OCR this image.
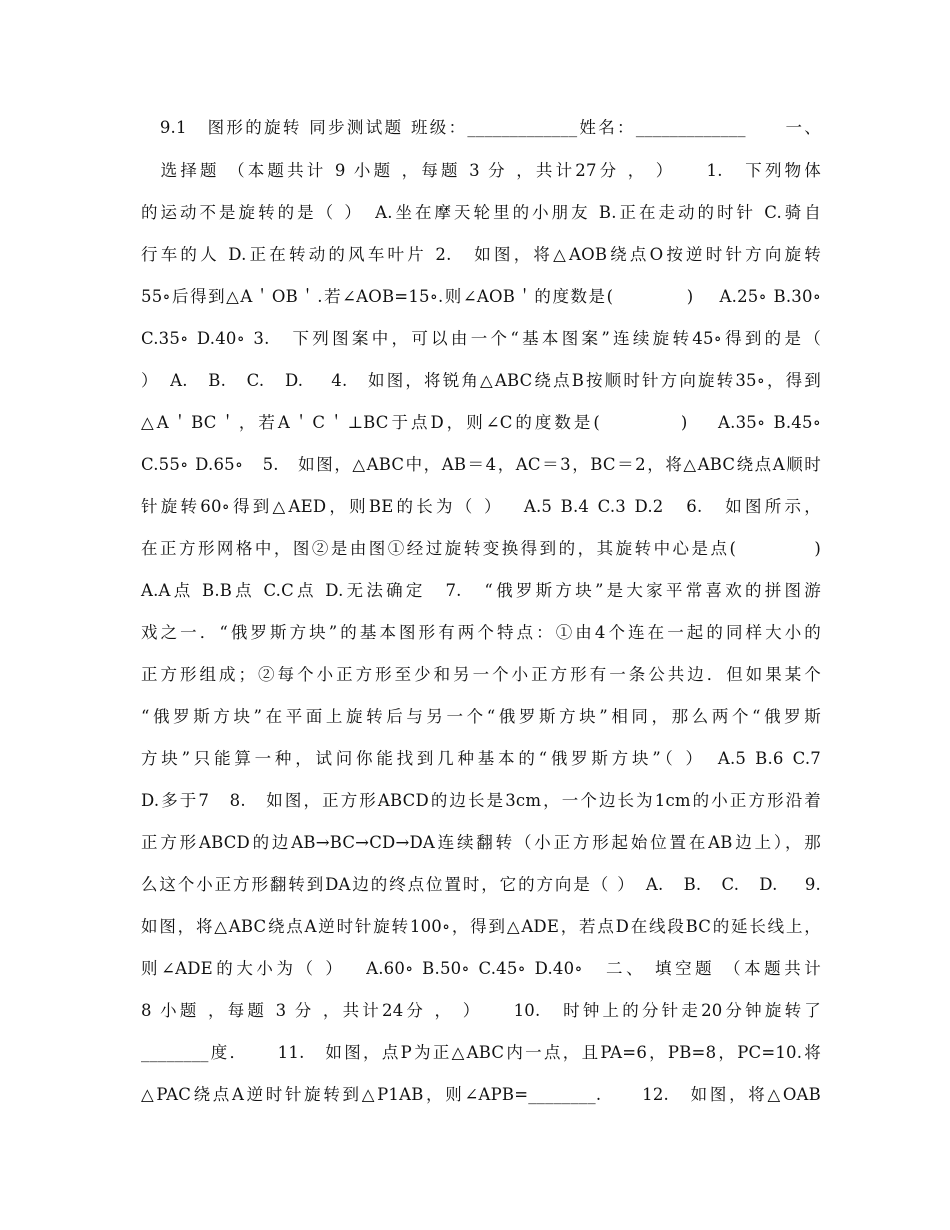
　9.1　图形的旋转 同步测试题 班级：_____________姓名：_____________　　一、
　选择题 （本题共计 9 小题 ，每题 3 分 ，共计27分 ， ）　　1.　下列物体
的运动不是旋转的是（ ）　A.坐在摩天轮里的小朋友 B.正在走动的时针 C.骑自
行车的人 D.正在转动的风车叶片 2.　如图，将△AOB绕点O按逆时针方向旋转
55∘后得到△A＇OB＇.若∠AOB=15∘.则∠AOB＇的度数是(　　　　)　 A.25∘ B.30∘
C.35∘ D.40∘ 3.　下列图案中，可以由一个“基本图案”连续旋转45∘得到的是（
）　A.　B.　C.　D.　 4.　如图，将锐角△ABC绕点B按顺时针方向旋转35∘，得到
△A＇BC＇，若A＇C＇⊥BC于点D，则∠C的度数是(　　　　)　 A.35∘ B.45∘
C.55∘ D.65∘　5.　如图，△ABC中，AB＝4，AC＝3，BC＝2，将△ABC绕点A顺时
针旋转60∘得到△AED，则BE的长为（ ）　 A.5 B.4 C.3 D.2　6.　如图所示，
在正方形网格中，图②是由图①经过旋转变换得到的，其旋转中心是点(　　　　)
A.A点 B.B点 C.C点 D.无法确定　7.　“俄罗斯方块”是大家平常喜欢的拼图游
戏之一．“俄罗斯方块”的基本图形有两个特点：①由4个连在一起的同样大小的
正方形组成；②每个小正方形至少和另一个小正方形有一条公共边．但如果某个
“俄罗斯方块”在平面上旋转后与另一个“俄罗斯方块”相同，那么两个“俄罗斯
方块”只能算一种，试问你能找到几种基本的“俄罗斯方块”（ ）　A.5 B.6 C.7
D.多于7　8.　如图，正方形ABCD的边长是3cm，一个边长为1cm的小正方形沿着
正方形ABCD的边AB→BC→CD→DA连续翻转（小正方形起始位置在AB边上），那
么这个小正方形翻转到DA边的终点位置时，它的方向是（ ）　A.　B.　C.　D.　 9.
如图，将△ABC绕点A逆时针旋转100∘，得到△ADE，若点D在线段BC的延长线上，
则∠ADE的大小为（ ）　 A.60∘ B.50∘ C.45∘ D.40∘　二、 填空题 （本题共计
8 小题 ，每题 3 分 ，共计24分 ， ）　　10.　时钟上的分针走20分钟旋转了
________度．　　11.　如图，点P为正△ABC内一点，且PA=6，PB=8，PC=10.将
△PAC绕点A逆时针旋转到△P1AB，则∠APB=________.　　12.　如图，将△OAB
